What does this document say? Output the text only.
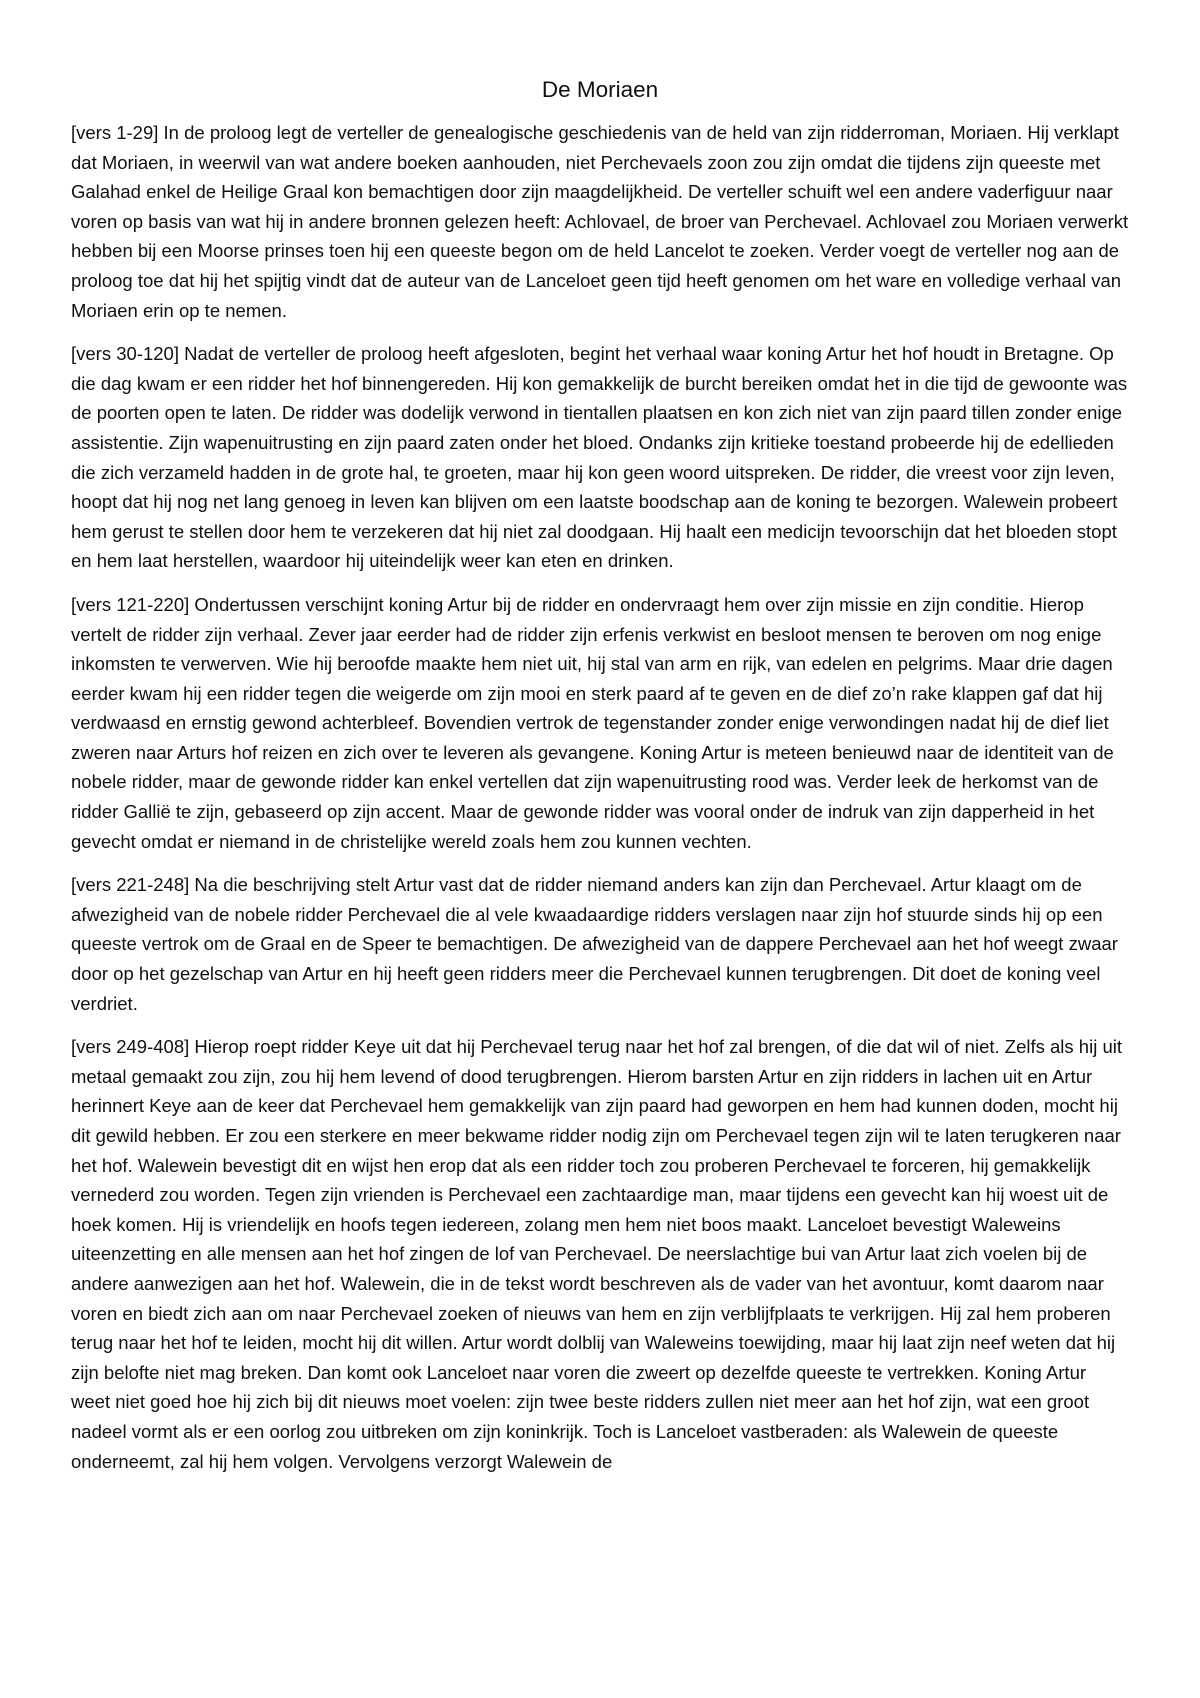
De Moriaen

[vers 1-29] In de proloog legt de verteller de genealogische geschiedenis van de held van zijn ridderroman, Moriaen. Hij verklapt dat Moriaen, in weerwil van wat andere boeken aanhouden, niet Perchevaels zoon zou zijn omdat die tijdens zijn queeste met Galahad enkel de Heilige Graal kon bemachtigen door zijn maagdelijkheid. De verteller schuift wel een andere vaderfiguur naar voren op basis van wat hij in andere bronnen gelezen heeft: Achlovael, de broer van Perchevael. Achlovael zou Moriaen verwerkt hebben bij een Moorse prinses toen hij een queeste begon om de held Lancelot te zoeken. Verder voegt de verteller nog aan de proloog toe dat hij het spijtig vindt dat de auteur van de Lanceloet geen tijd heeft genomen om het ware en volledige verhaal van Moriaen erin op te nemen.

[vers 30-120] Nadat de verteller de proloog heeft afgesloten, begint het verhaal waar koning Artur het hof houdt in Bretagne. Op die dag kwam er een ridder het hof binnengereden. Hij kon gemakkelijk de burcht bereiken omdat het in die tijd de gewoonte was de poorten open te laten. De ridder was dodelijk verwond in tientallen plaatsen en kon zich niet van zijn paard tillen zonder enige assistentie. Zijn wapenuitrusting en zijn paard zaten onder het bloed. Ondanks zijn kritieke toestand probeerde hij de edellieden die zich verzameld hadden in de grote hal, te groeten, maar hij kon geen woord uitspreken. De ridder, die vreest voor zijn leven, hoopt dat hij nog net lang genoeg in leven kan blijven om een laatste boodschap aan de koning te bezorgen. Walewein probeert hem gerust te stellen door hem te verzekeren dat hij niet zal doodgaan. Hij haalt een medicijn tevoorschijn dat het bloeden stopt en hem laat herstellen, waardoor hij uiteindelijk weer kan eten en drinken.

[vers 121-220] Ondertussen verschijnt koning Artur bij de ridder en ondervraagt hem over zijn missie en zijn conditie. Hierop vertelt de ridder zijn verhaal. Zever jaar eerder had de ridder zijn erfenis verkwist en besloot mensen te beroven om nog enige inkomsten te verwerven. Wie hij beroofde maakte hem niet uit, hij stal van arm en rijk, van edelen en pelgrims. Maar drie dagen eerder kwam hij een ridder tegen die weigerde om zijn mooi en sterk paard af te geven en de dief zo’n rake klappen gaf dat hij verdwaasd en ernstig gewond achterbleef. Bovendien vertrok de tegenstander zonder enige verwondingen nadat hij de dief liet zweren naar Arturs hof reizen en zich over te leveren als gevangene. Koning Artur is meteen benieuwd naar de identiteit van de nobele ridder, maar de gewonde ridder kan enkel vertellen dat zijn wapenuitrusting rood was. Verder leek de herkomst van de ridder Gallië te zijn, gebaseerd op zijn accent. Maar de gewonde ridder was vooral onder de indruk van zijn dapperheid in het gevecht omdat er niemand in de christelijke wereld zoals hem zou kunnen vechten.

[vers 221-248] Na die beschrijving stelt Artur vast dat de ridder niemand anders kan zijn dan Perchevael. Artur klaagt om de afwezigheid van de nobele ridder Perchevael die al vele kwaadaardige ridders verslagen naar zijn hof stuurde sinds hij op een queeste vertrok om de Graal en de Speer te bemachtigen. De afwezigheid van de dappere Perchevael aan het hof weegt zwaar door op het gezelschap van Artur en hij heeft geen ridders meer die Perchevael kunnen terugbrengen. Dit doet de koning veel verdriet.

[vers 249-408] Hierop roept ridder Keye uit dat hij Perchevael terug naar het hof zal brengen, of die dat wil of niet. Zelfs als hij uit metaal gemaakt zou zijn, zou hij hem levend of dood terugbrengen. Hierom barsten Artur en zijn ridders in lachen uit en Artur herinnert Keye aan de keer dat Perchevael hem gemakkelijk van zijn paard had geworpen en hem had kunnen doden, mocht hij dit gewild hebben. Er zou een sterkere en meer bekwame ridder nodig zijn om Perchevael tegen zijn wil te laten terugkeren naar het hof. Walewein bevestigt dit en wijst hen erop dat als een ridder toch zou proberen Perchevael te forceren, hij gemakkelijk vernederd zou worden. Tegen zijn vrienden is Perchevael een zachtaardige man, maar tijdens een gevecht kan hij woest uit de hoek komen. Hij is vriendelijk en hoofs tegen iedereen, zolang men hem niet boos maakt. Lanceloet bevestigt Waleweins uiteenzetting en alle mensen aan het hof zingen de lof van Perchevael. De neerslachtige bui van Artur laat zich voelen bij de andere aanwezigen aan het hof. Walewein, die in de tekst wordt beschreven als de vader van het avontuur, komt daarom naar voren en biedt zich aan om naar Perchevael zoeken of nieuws van hem en zijn verblijfplaats te verkrijgen. Hij zal hem proberen terug naar het hof te leiden, mocht hij dit willen. Artur wordt dolblij van Waleweins toewijding, maar hij laat zijn neef weten dat hij zijn belofte niet mag breken. Dan komt ook Lanceloet naar voren die zweert op dezelfde queeste te vertrekken. Koning Artur weet niet goed hoe hij zich bij dit nieuws moet voelen: zijn twee beste ridders zullen niet meer aan het hof zijn, wat een groot nadeel vormt als er een oorlog zou uitbreken om zijn koninkrijk. Toch is Lanceloet vastberaden: als Walewein de queeste onderneemt, zal hij hem volgen. Vervolgens verzorgt Walewein de
